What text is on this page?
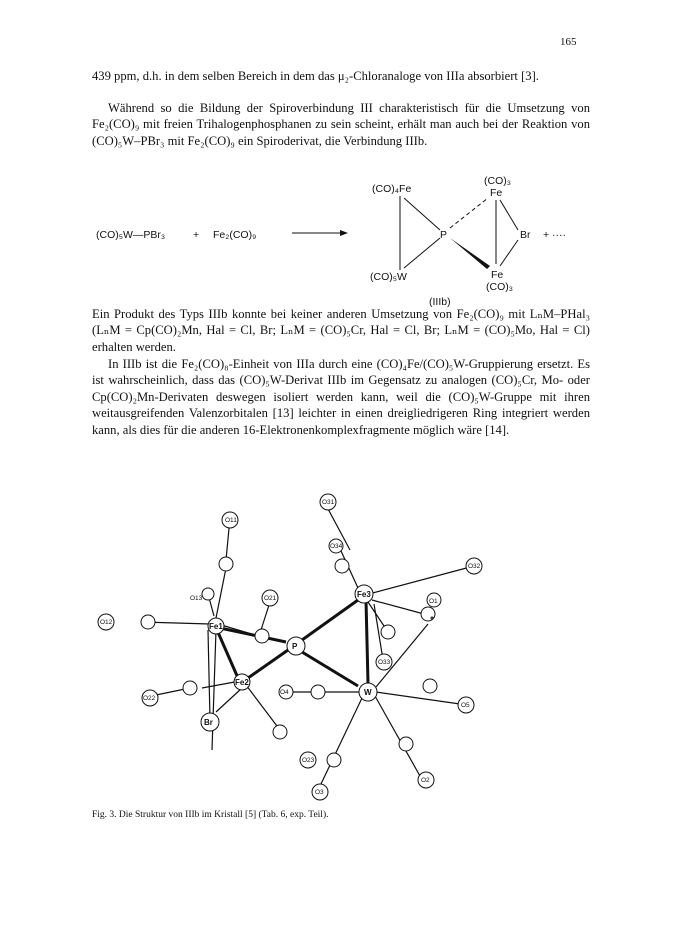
165

439 ppm, d.h. in dem selben Bereich in dem das μ₂-Chloranaloge von IIIa absorbiert [3].

Während so die Bildung der Spiroverbindung III charakteristisch für die Umsetzung von Fe₂(CO)₉ mit freien Trihalogenphosphanen zu sein scheint, erhält man auch bei der Reaktion von (CO)₅W–PBr₃ mit Fe₂(CO)₉ ein Spiroderivat, die Verbindung IIIb.

(CO)₅W—PBr₃	+ Fe₂(CO)₉
(CO)₄Fe
(CO)₅W
P
(CO)₃
Fe
Br + ····
Fe
(CO)₃
(IIIb)

Ein Produkt des Typs IIIb konnte bei keiner anderen Umsetzung von Fe₂(CO)₉ mit LₙM–PHal₃ (LₙM = Cp(CO)₂Mn, Hal = Cl, Br; LₙM = (CO)₅Cr, Hal = Cl, Br; LₙM = (CO)₅Mo, Hal = Cl) erhalten werden.

In IIIb ist die Fe₂(CO)₈-Einheit von IIIa durch eine (CO)₄Fe/(CO)₅W-Gruppierung ersetzt. Es ist wahrscheinlich, dass das (CO)₅W-Derivat IIIb im Gegensatz zu analogen (CO)₅Cr, Mo- oder Cp(CO)₂Mn-Derivaten deswegen isoliert werden kann, weil die (CO)₅W-Gruppe mit ihren weitausgreifenden Valenzorbitalen [13] leichter in einen dreigliedrigeren Ring integriert werden kann, als dies für die anderen 16-Elektronenkomplexfragmente möglich wäre [14].

O11
O13
O12	Fe1
O21
P
Fe2
O22
Br
O23
O31
O34
Fe3
O32
O1
O33
W
O4
O5
O2
O3
Fig. 3. Die Struktur von IIIb im Kristall [5] (Tab. 6, exp. Teil).
